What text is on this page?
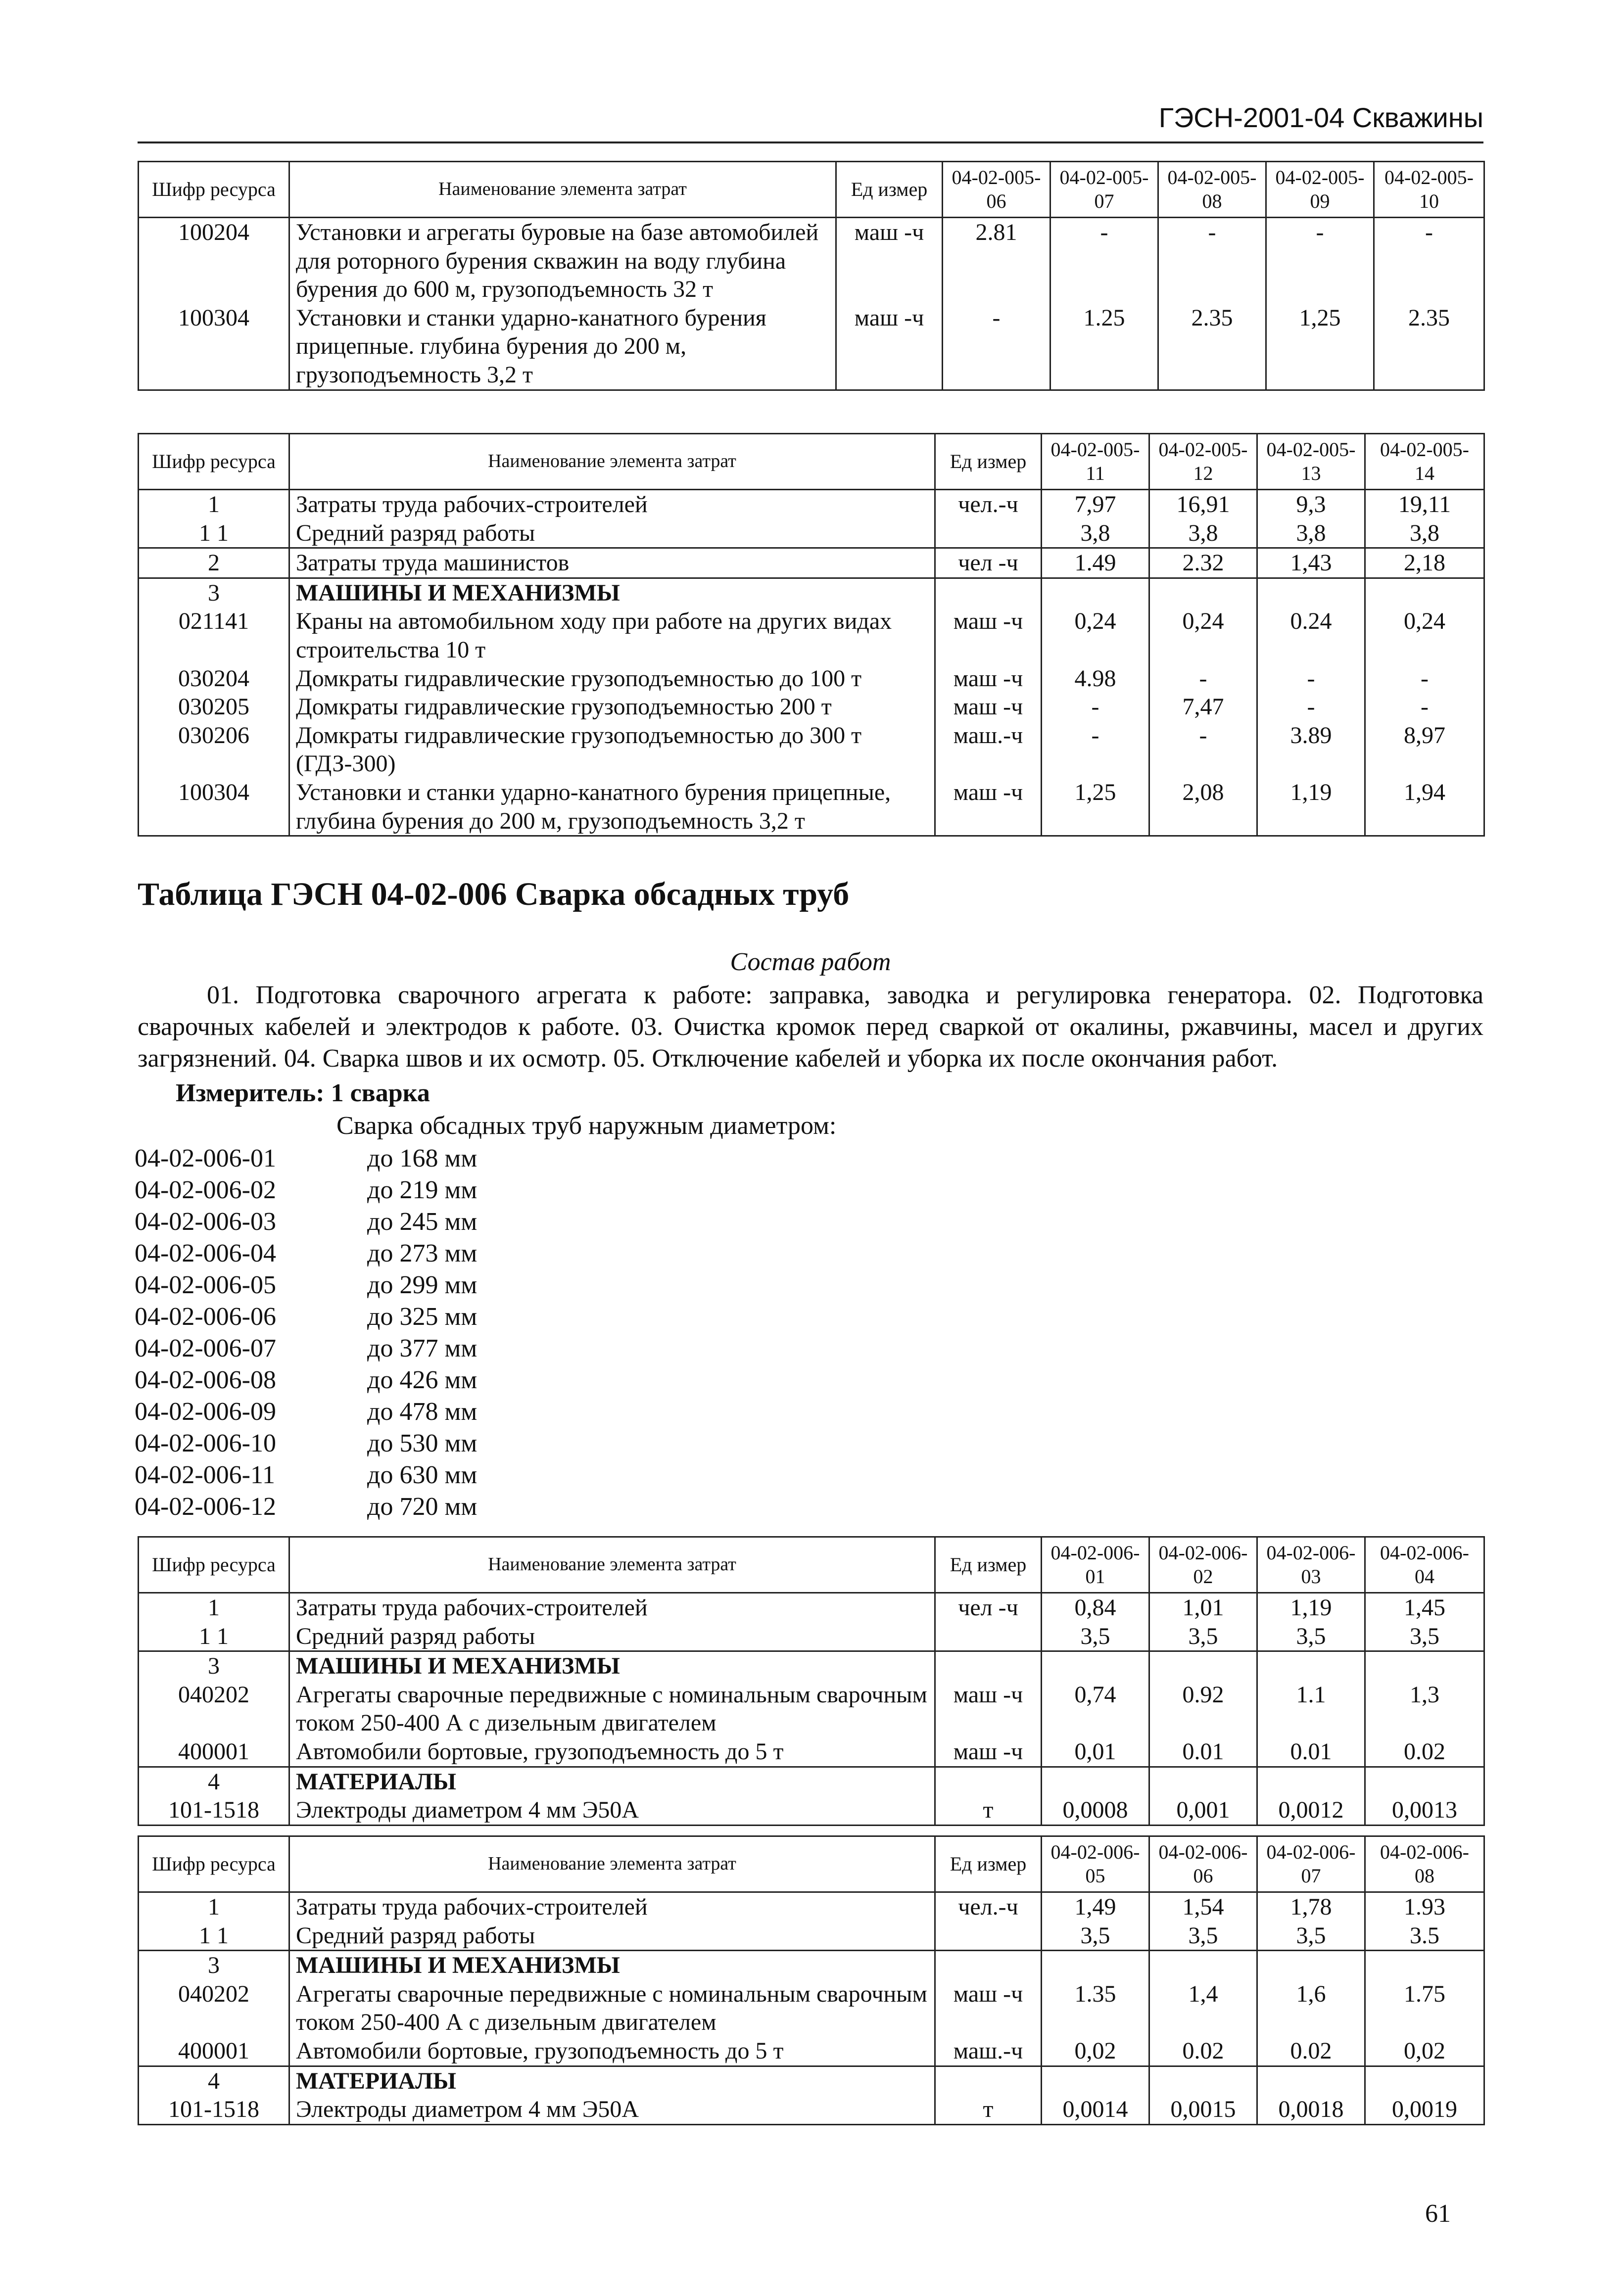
ГЭСН-2001-04 Скважины
Шифр ресурса	Наименование элемента затрат	Ед измер	04-02-005-06	04-02-005-07	04-02-005-08	04-02-005-09	04-02-005-10
100204	Установки и агрегаты буровые на базе автомобилей для роторного бурения скважин на воду глубина бурения до 600 м, грузоподъемность 32 т	маш -ч	2.81	-	-	-	-
100304	Установки и станки ударно-канатного бурения прицепные. глубина бурения до 200 м, грузоподъемность 3,2 т	маш -ч	-	1.25	2.35	1,25	2.35
Шифр ресурса	Наименование элемента затрат	Ед измер	04-02-005-11	04-02-005-12	04-02-005-13	04-02-005-14
1	Затраты труда рабочих-строителей	чел.-ч	7,97	16,91	9,3	19,11
1 1	Средний разряд работы		3,8	3,8	3,8	3,8
2	Затраты труда машинистов	чел -ч	1.49	2.32	1,43	2,18
3	МАШИНЫ И МЕХАНИЗМЫ					
021141	Краны на автомобильном ходу при работе на других видах строительства 10 т	маш -ч	0,24	0,24	0.24	0,24
030204	Домкраты гидравлические грузоподъемностью до 100 т	маш -ч	4.98	-	-	-
030205	Домкраты гидравлические грузоподъемностью 200 т	маш -ч	-	7,47	-	-
030206	Домкраты гидравлические грузоподъемностью до 300 т (ГДЗ-300)	маш.-ч	-	-	3.89	8,97
100304	Установки и станки ударно-канатного бурения прицепные, глубина бурения до 200 м, грузоподъемность 3,2 т	маш -ч	1,25	2,08	1,19	1,94
Таблица ГЭСН 04-02-006 Сварка обсадных труб
Состав работ
01. Подготовка сварочного агрегата к работе: заправка, заводка и регулировка генератора. 02. Подготовка сварочных кабелей и электродов к работе. 03. Очистка кромок перед сваркой от окалины, ржавчины, масел и других загрязнений. 04. Сварка швов и их осмотр. 05. Отключение кабелей и уборка их после окончания работ.
Измеритель: 1 сварка
Сварка обсадных труб наружным диаметром:
04-02-006-01	до 168 мм
04-02-006-02	до 219 мм
04-02-006-03	до 245 мм
04-02-006-04	до 273 мм
04-02-006-05	до 299 мм
04-02-006-06	до 325 мм
04-02-006-07	до 377 мм
04-02-006-08	до 426 мм
04-02-006-09	до 478 мм
04-02-006-10	до 530 мм
04-02-006-11	до 630 мм
04-02-006-12	до 720 мм
Шифр ресурса	Наименование элемента затрат	Ед измер	04-02-006-01	04-02-006-02	04-02-006-03	04-02-006-04
1	Затраты труда рабочих-строителей	чел -ч	0,84	1,01	1,19	1,45
1 1	Средний разряд работы		3,5	3,5	3,5	3,5
3	МАШИНЫ И МЕХАНИЗМЫ					
040202	Агрегаты сварочные передвижные с номинальным сварочным током 250-400 А с дизельным двигателем	маш -ч	0,74	0.92	1.1	1,3
400001	Автомобили бортовые, грузоподъемность до 5 т	маш -ч	0,01	0.01	0.01	0.02
4	МАТЕРИАЛЫ					
101-1518	Электроды диаметром 4 мм Э50А	т	0,0008	0,001	0,0012	0,0013
Шифр ресурса	Наименование элемента затрат	Ед измер	04-02-006-05	04-02-006-06	04-02-006-07	04-02-006-08
1	Затраты труда рабочих-строителей	чел.-ч	1,49	1,54	1,78	1.93
1 1	Средний разряд работы		3,5	3,5	3,5	3.5
3	МАШИНЫ И МЕХАНИЗМЫ					
040202	Агрегаты сварочные передвижные с номинальным сварочным током 250-400 А с дизельным двигателем	маш -ч	1.35	1,4	1,6	1.75
400001	Автомобили бортовые, грузоподъемность до 5 т	маш.-ч	0,02	0.02	0.02	0,02
4	МАТЕРИАЛЫ					
101-1518	Электроды диаметром 4 мм Э50А	т	0,0014	0,0015	0,0018	0,0019
61
